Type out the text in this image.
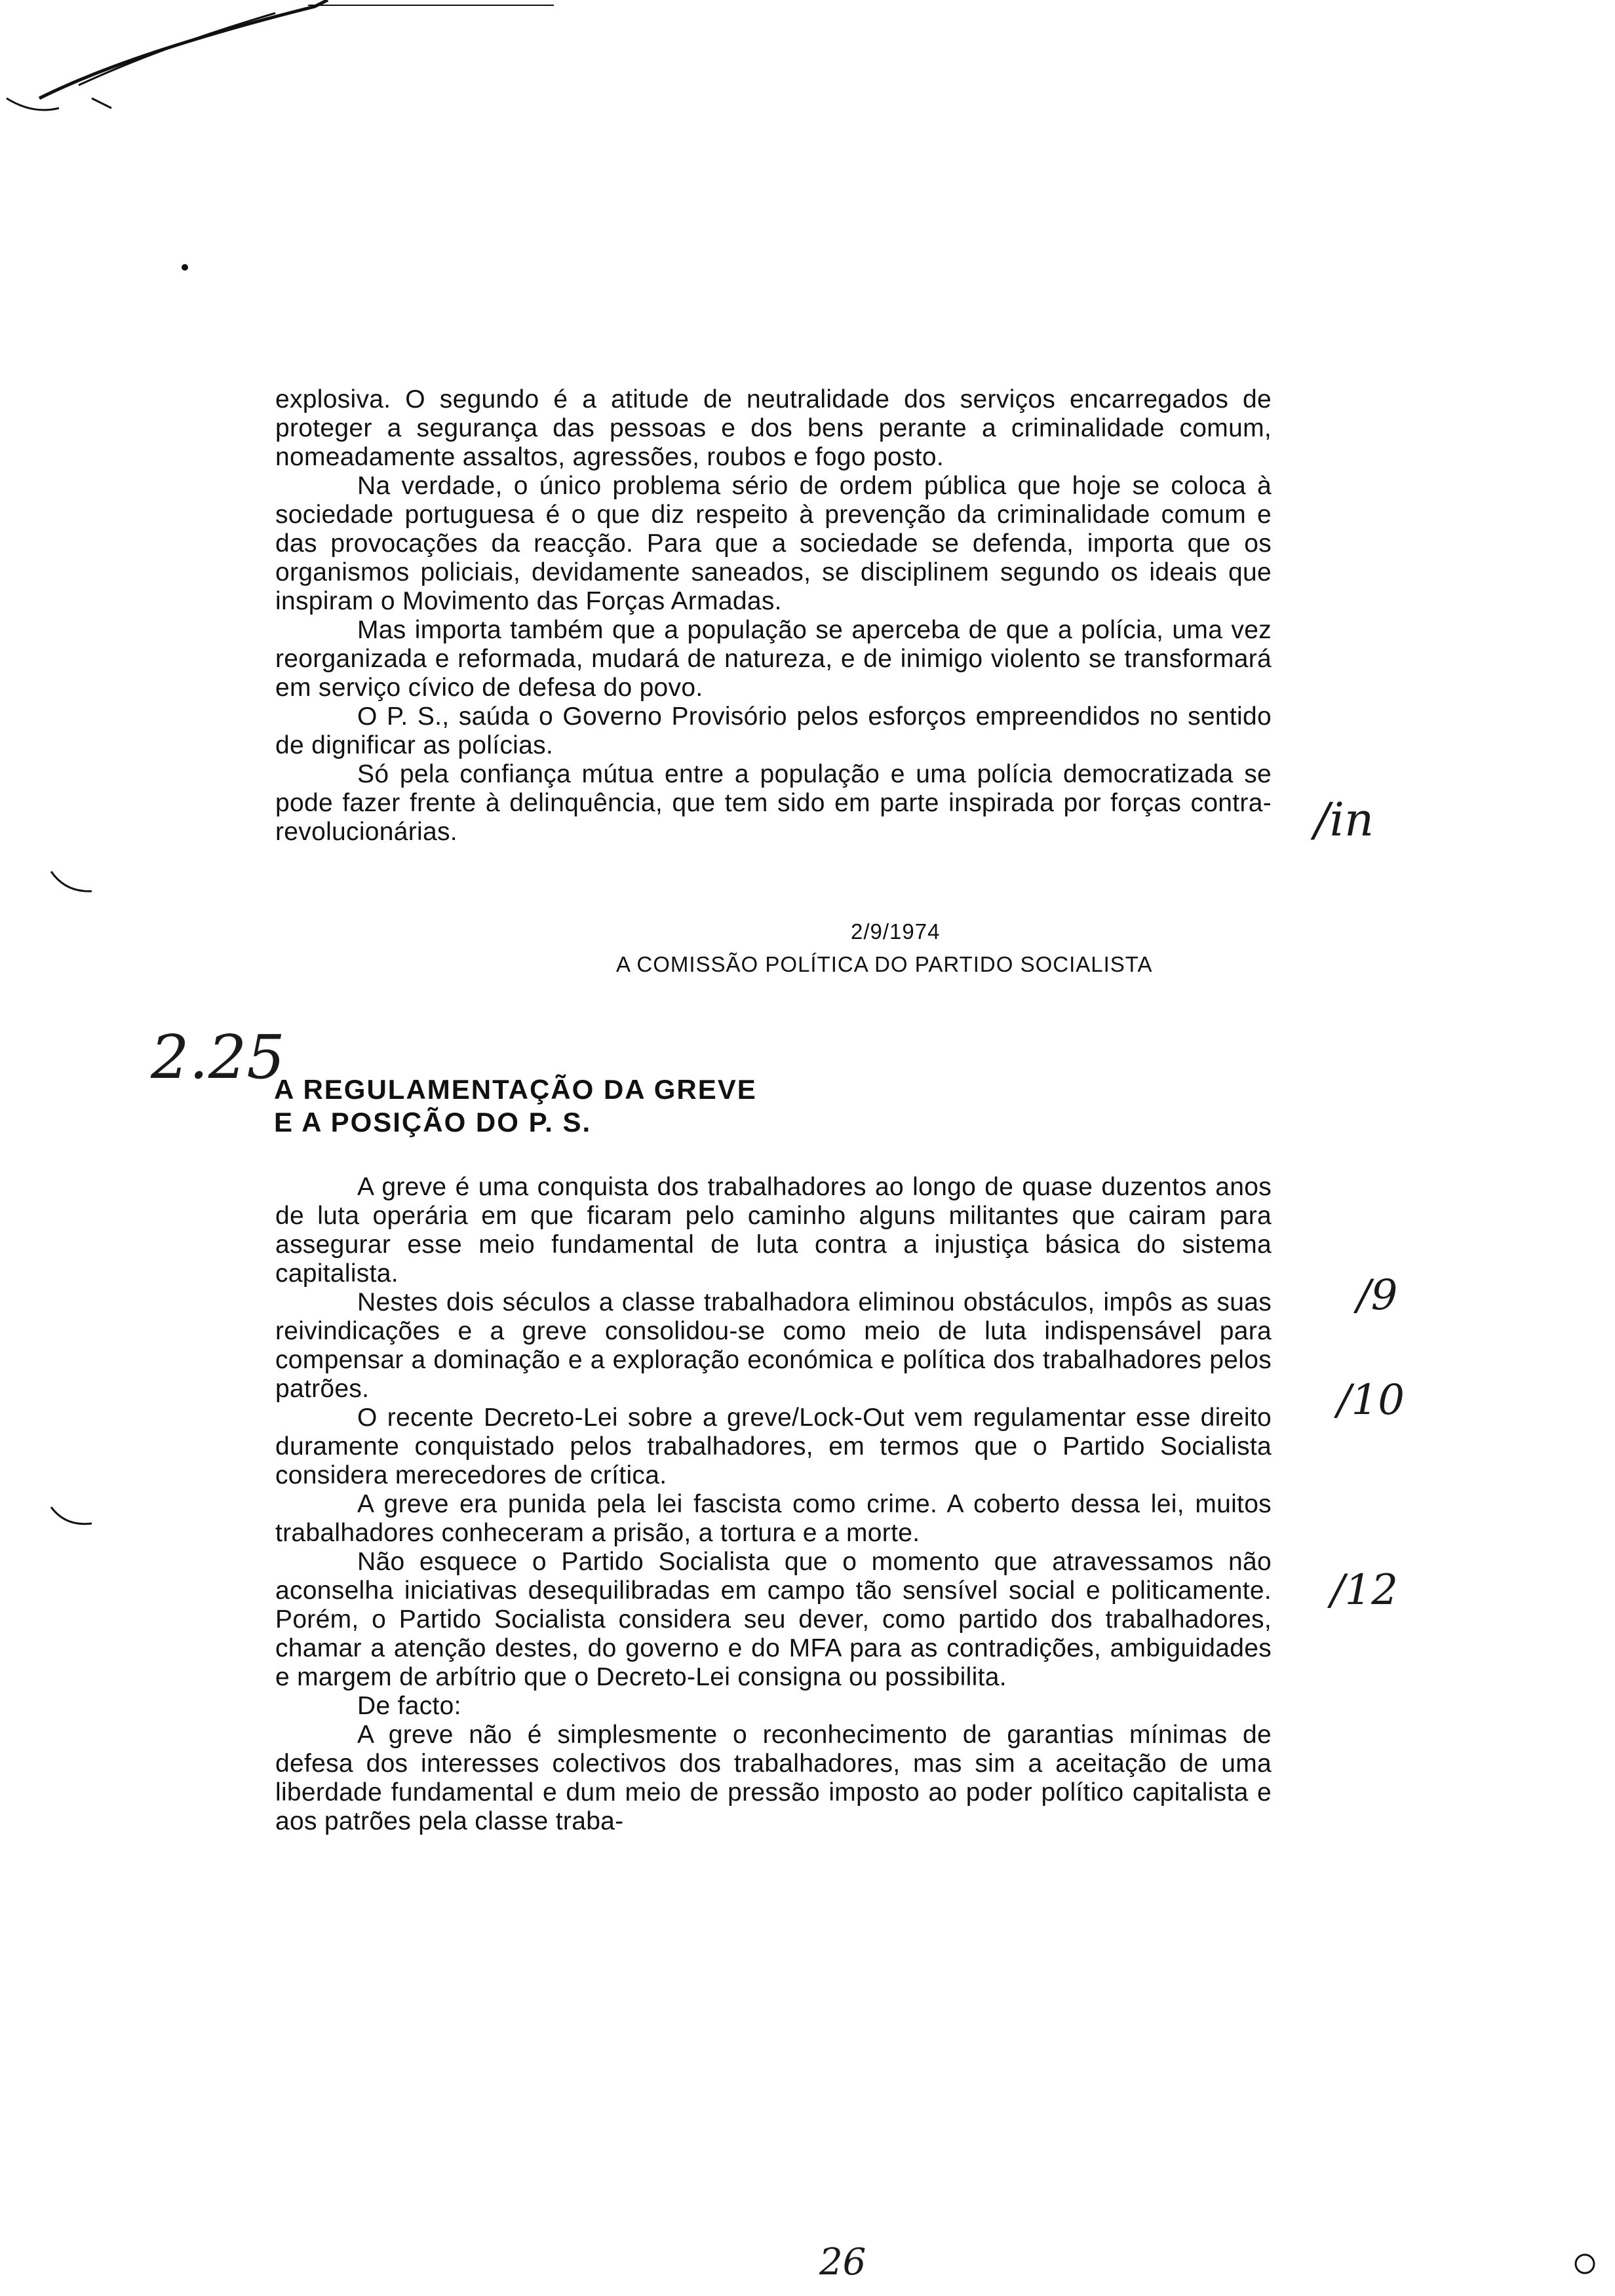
explosiva. O segundo é a atitude de neutralidade dos serviços encarregados de proteger a segurança das pessoas e dos bens perante a criminalidade comum, nomeadamente assaltos, agressões, roubos e fogo posto.

Na verdade, o único problema sério de ordem pública que hoje se coloca à sociedade portuguesa é o que diz respeito à prevenção da criminalidade comum e das provocações da reacção. Para que a sociedade se defenda, importa que os organismos policiais, devidamente saneados, se disciplinem segundo os ideais que inspiram o Movimento das Forças Armadas.

Mas importa também que a população se aperceba de que a polícia, uma vez reorganizada e reformada, mudará de natureza, e de inimigo violento se transformará em serviço cívico de defesa do povo.

O P. S., saúda o Governo Provisório pelos esforços empreendidos no sentido de dignificar as polícias.

Só pela confiança mútua entre a população e uma polícia democratizada se pode fazer frente à delinquência, que tem sido em parte inspirada por forças contra-revolucionárias.

2/9/1974
A COMISSÃO POLÍTICA DO PARTIDO SOCIALISTA
A REGULAMENTAÇÃO DA GREVE
E A POSIÇÃO DO P. S.

A greve é uma conquista dos trabalhadores ao longo de quase duzentos anos de luta operária em que ficaram pelo caminho alguns militantes que cairam para assegurar esse meio fundamental de luta contra a injustiça básica do sistema capitalista.

Nestes dois séculos a classe trabalhadora eliminou obstáculos, impôs as suas reivindicações e a greve consolidou-se como meio de luta indispensável para compensar a dominação e a exploração económica e política dos trabalhadores pelos patrões.

O recente Decreto-Lei sobre a greve/Lock-Out vem regulamentar esse direito duramente conquistado pelos trabalhadores, em termos que o Partido Socialista considera merecedores de crítica.

A greve era punida pela lei fascista como crime. A coberto dessa lei, muitos trabalhadores conheceram a prisão, a tortura e a morte.

Não esquece o Partido Socialista que o momento que atravessamos não aconselha iniciativas desequilibradas em campo tão sensível social e politicamente. Porém, o Partido Socialista considera seu dever, como partido dos trabalhadores, chamar a atenção destes, do governo e do MFA para as contradições, ambiguidades e margem de arbítrio que o Decreto-Lei consigna ou possibilita.

De facto:

A greve não é simplesmente o reconhecimento de garantias mínimas de defesa dos interesses colectivos dos trabalhadores, mas sim a aceitação de uma liberdade fundamental e dum meio de pressão imposto ao poder político capitalista e aos patrões pela classe traba-

2.25
/in
/9
/10
/12
26
